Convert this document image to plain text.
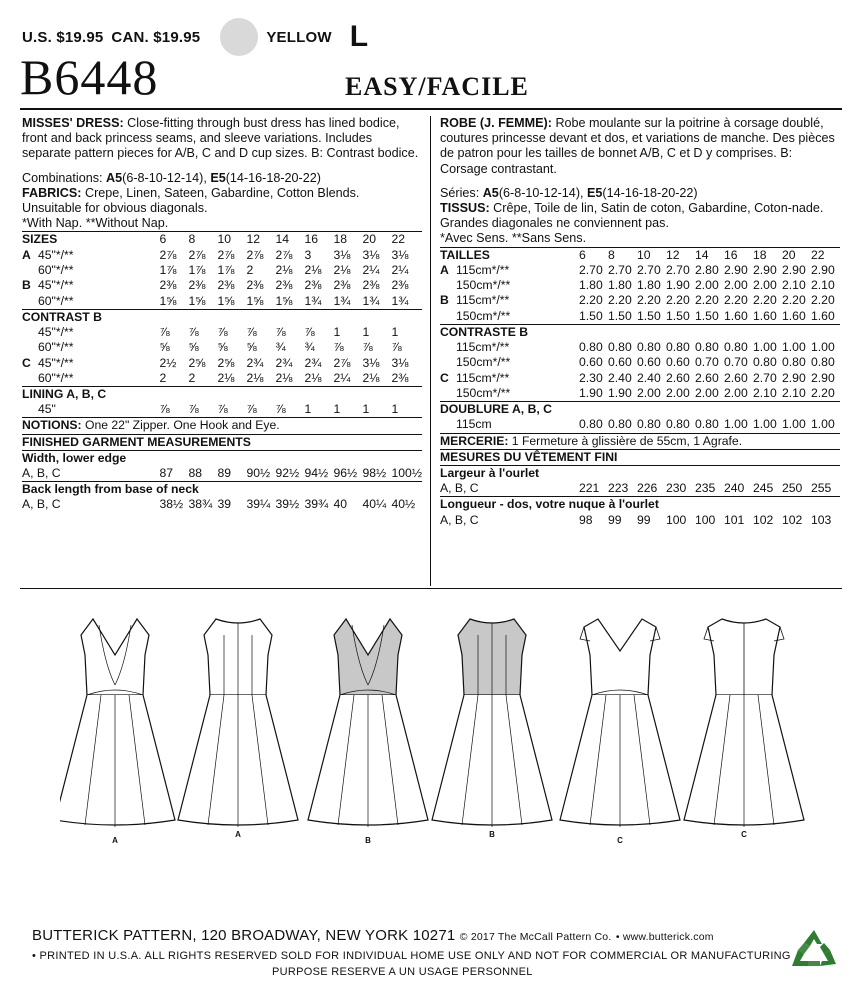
U.S. $19.95 CAN. $19.95	YELLOW L
B6448	EASY/FACILE

MISSES' DRESS: Close-fitting through bust dress has lined bodice, front and back princess seams, and sleeve variations. Includes separate pattern pieces for A/B, C and D cup sizes. B: Contrast bodice.

Combinations: A5(6-8-10-12-14), E5(14-16-18-20-22)

FABRICS: Crepe, Linen, Sateen, Gabardine, Cotton Blends.

Unsuitable for obvious diagonals.

*With Nap. **Without Nap.

SIZES		6	8	10	12	14	16	18	20	22
A 45"*/**		2⅞	2⅞	2⅞	2⅞	2⅞	3	3⅛	3⅛	3⅛
60"*/**		1⅞	1⅞	1⅞	2	2⅛	2⅛	2⅛	2¼	2¼
B 45"*/**		2⅜	2⅜	2⅜	2⅜	2⅜	2⅜	2⅜	2⅜	2⅜
60"*/**		1⅝	1⅝	1⅝	1⅝	1⅝	1¾	1¾	1¾	1¾
CONTRAST B										
45"*/**		⅞	⅞	⅞	⅞	⅞	⅞	1	1	1
60"*/**		⅝	⅝	⅝	⅝	¾	¾	⅞	⅞	⅞
C 45"*/**		2½	2⅝	2⅝	2¾	2¾	2¾	2⅞	3⅛	3⅛
60"*/**		2	2	2⅛	2⅛	2⅛	2⅛	2¼	2⅛	2⅜
LINING A, B, C										
45"		⅞	⅞	⅞	⅞	⅞	1	1	1	1
NOTIONS: One 22" Zipper. One Hook and Eye.										
FINISHED GARMENT MEASUREMENTS										
Width, lower edge										
A, B, C		87	88	89	90½	92½	94½	96½	98½	100½
Back length from base of neck										
A, B, C		38½	38¾	39	39¼	39½	39¾	40	40¼	40½

ROBE (J. FEMME): Robe moulante sur la poitrine à corsage doublé, coutures princesse devant et dos, et variations de manche. Des pièces de patron pour les tailles de bonnet A/B, C et D y comprises. B: Corsage contrastant.

Séries: A5(6-8-10-12-14), E5(14-16-18-20-22)

TISSUS: Crêpe, Toile de lin, Satin de coton, Gabardine, Coton-nade.

Grandes diagonales ne conviennent pas.

*Avec Sens. **Sans Sens.

TAILLES		6	8	10	12	14	16	18	20	22
A 115cm*/**		2.70	2.70	2.70	2.70	2.80	2.90	2.90	2.90	2.90
150cm*/**		1.80	1.80	1.80	1.90	2.00	2.00	2.00	2.10	2.10
B 115cm*/**		2.20	2.20	2.20	2.20	2.20	2.20	2.20	2.20	2.20
150cm*/**		1.50	1.50	1.50	1.50	1.50	1.60	1.60	1.60	1.60
CONTRASTE B										
115cm*/**		0.80	0.80	0.80	0.80	0.80	0.80	1.00	1.00	1.00
150cm*/**		0.60	0.60	0.60	0.60	0.70	0.70	0.80	0.80	0.80
C 115cm*/**		2.30	2.40	2.40	2.60	2.60	2.60	2.70	2.90	2.90
150cm*/**		1.90	1.90	2.00	2.00	2.00	2.00	2.10	2.10	2.20
DOUBLURE A, B, C										
115cm		0.80	0.80	0.80	0.80	0.80	1.00	1.00	1.00	1.00
MERCERIE: 1 Fermeture à glissière de 55cm, 1 Agrafe.										
MESURES DU VÊTEMENT FINI										
Largeur à l'ourlet										
A, B, C		221	223	226	230	235	240	245	250	255
Longueur - dos, votre nuque à l'ourlet										
A, B, C		98	99	99	100	100	101	102	102	103
A
A
B
B
C
C
BUTTERICK PATTERN, 120 BROADWAY, NEW YORK 10271 © 2017 The McCall Pattern Co. • www.butterick.com
• PRINTED IN U.S.A. ALL RIGHTS RESERVED SOLD FOR INDIVIDUAL HOME USE ONLY AND NOT FOR COMMERCIAL OR MANUFACTURING
PURPOSE RESERVE A UN USAGE PERSONNEL
